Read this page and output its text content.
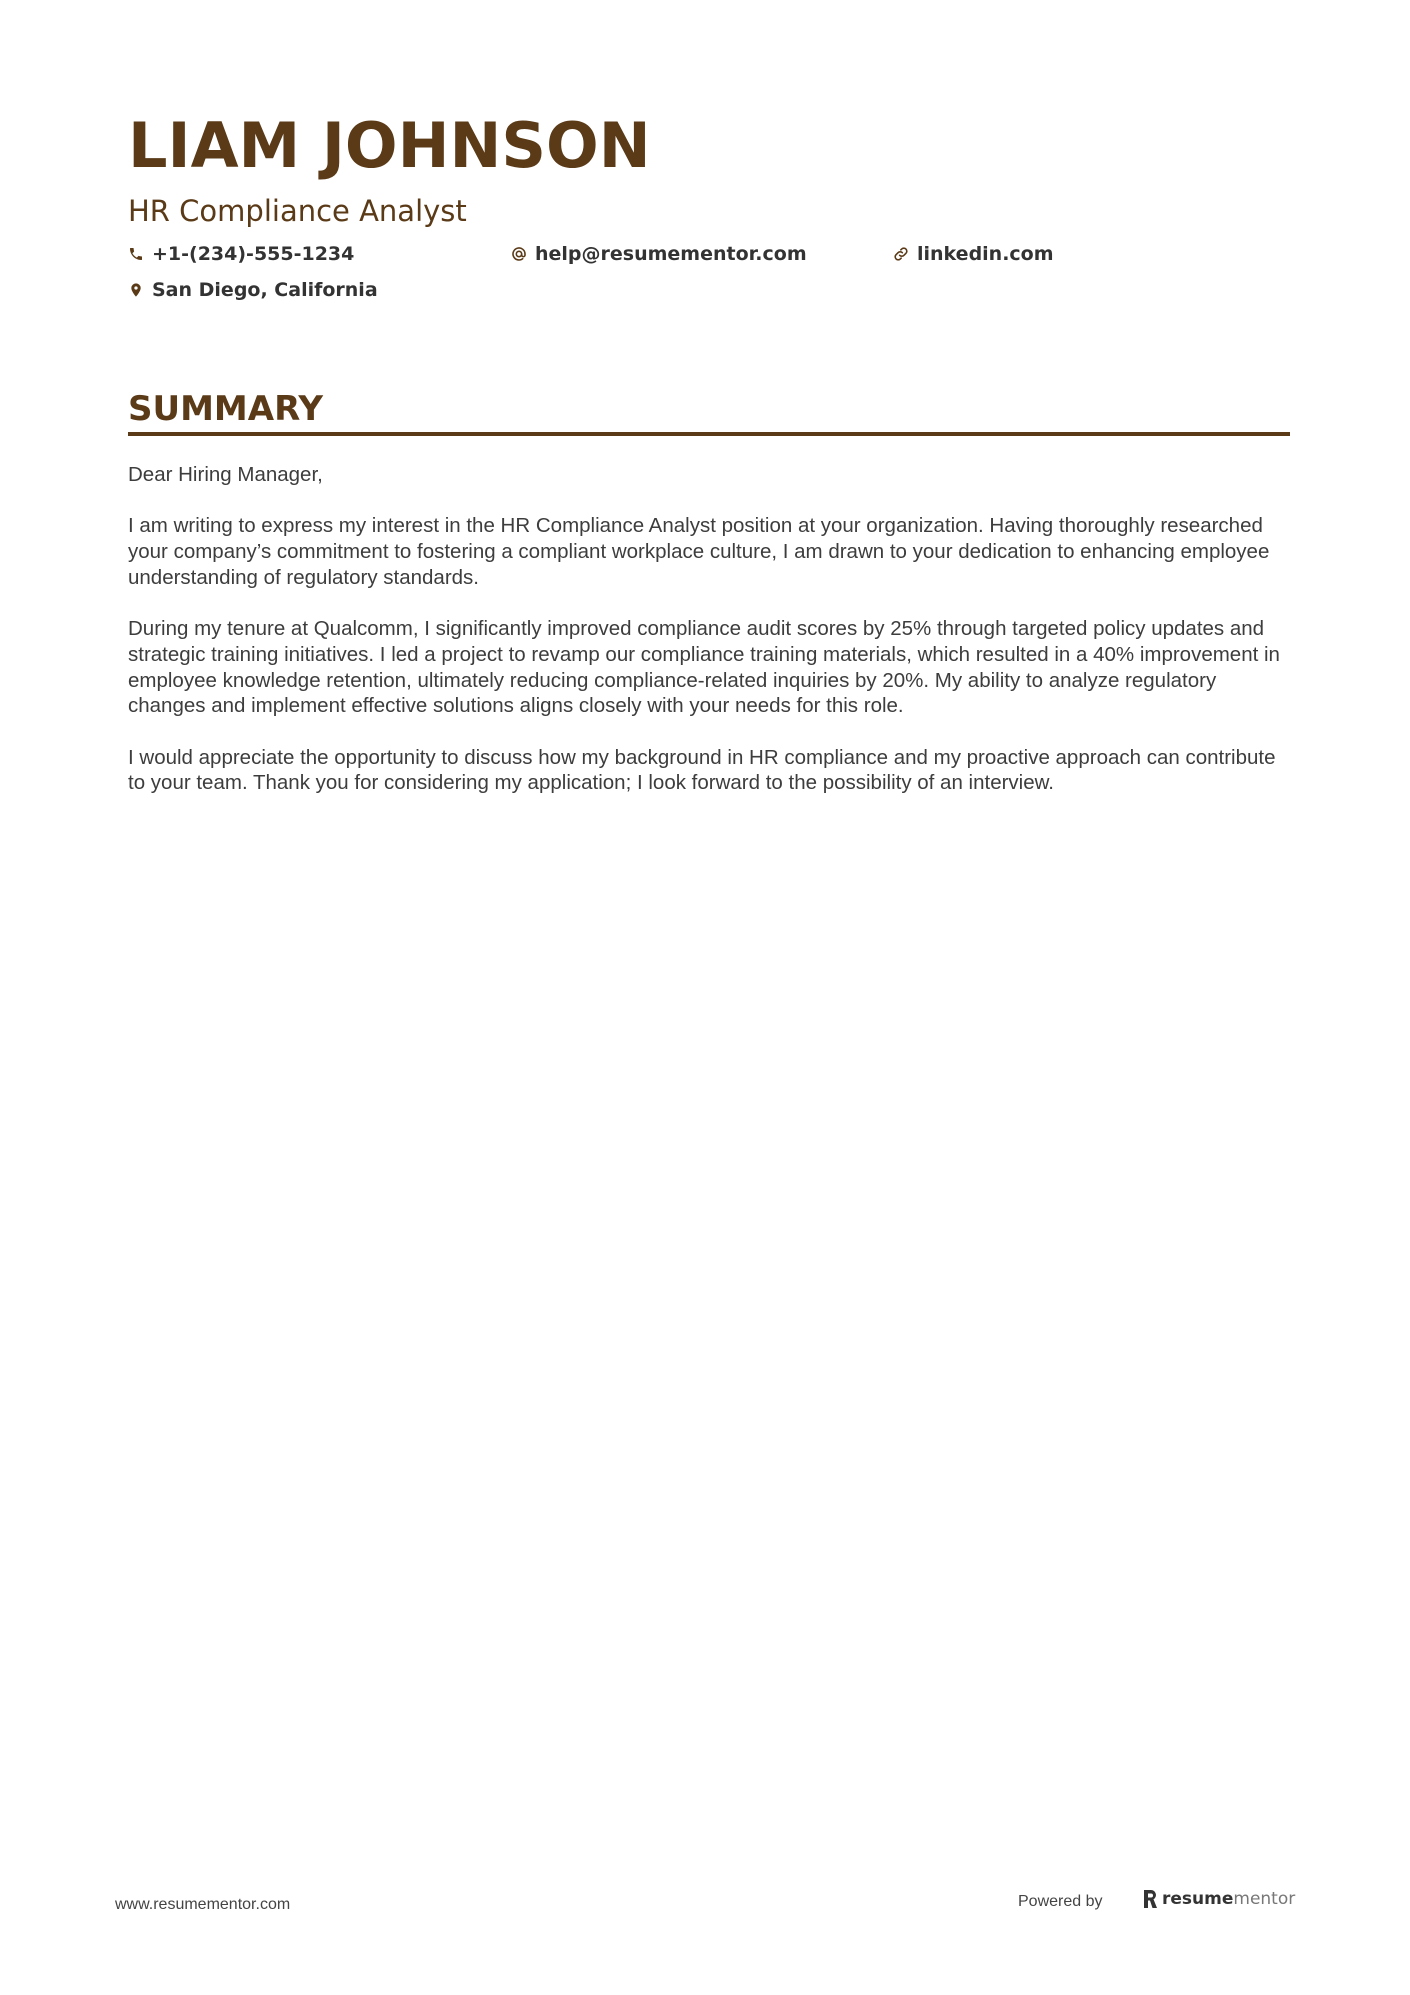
LIAM JOHNSON
HR Compliance Analyst
+1-(234)-555-1234	help@resumementor.com	linkedin.com
San Diego, California
SUMMARY

Dear Hiring Manager,

I am writing to express my interest in the HR Compliance Analyst position at your organization. Having thoroughly researched your company’s commitment to fostering a compliant workplace culture, I am drawn to your dedication to enhancing employee understanding of regulatory standards.

During my tenure at Qualcomm, I significantly improved compliance audit scores by 25% through targeted policy updates and strategic training initiatives. I led a project to revamp our compliance training materials, which resulted in a 40% improvement in employee knowledge retention, ultimately reducing compliance-related inquiries by 20%. My ability to analyze regulatory changes and implement effective solutions aligns closely with your needs for this role.

I would appreciate the opportunity to discuss how my background in HR compliance and my proactive approach can contribute to your team. Thank you for considering my application; I look forward to the possibility of an interview.

www.resumementor.com	Powered by	resume mentor
